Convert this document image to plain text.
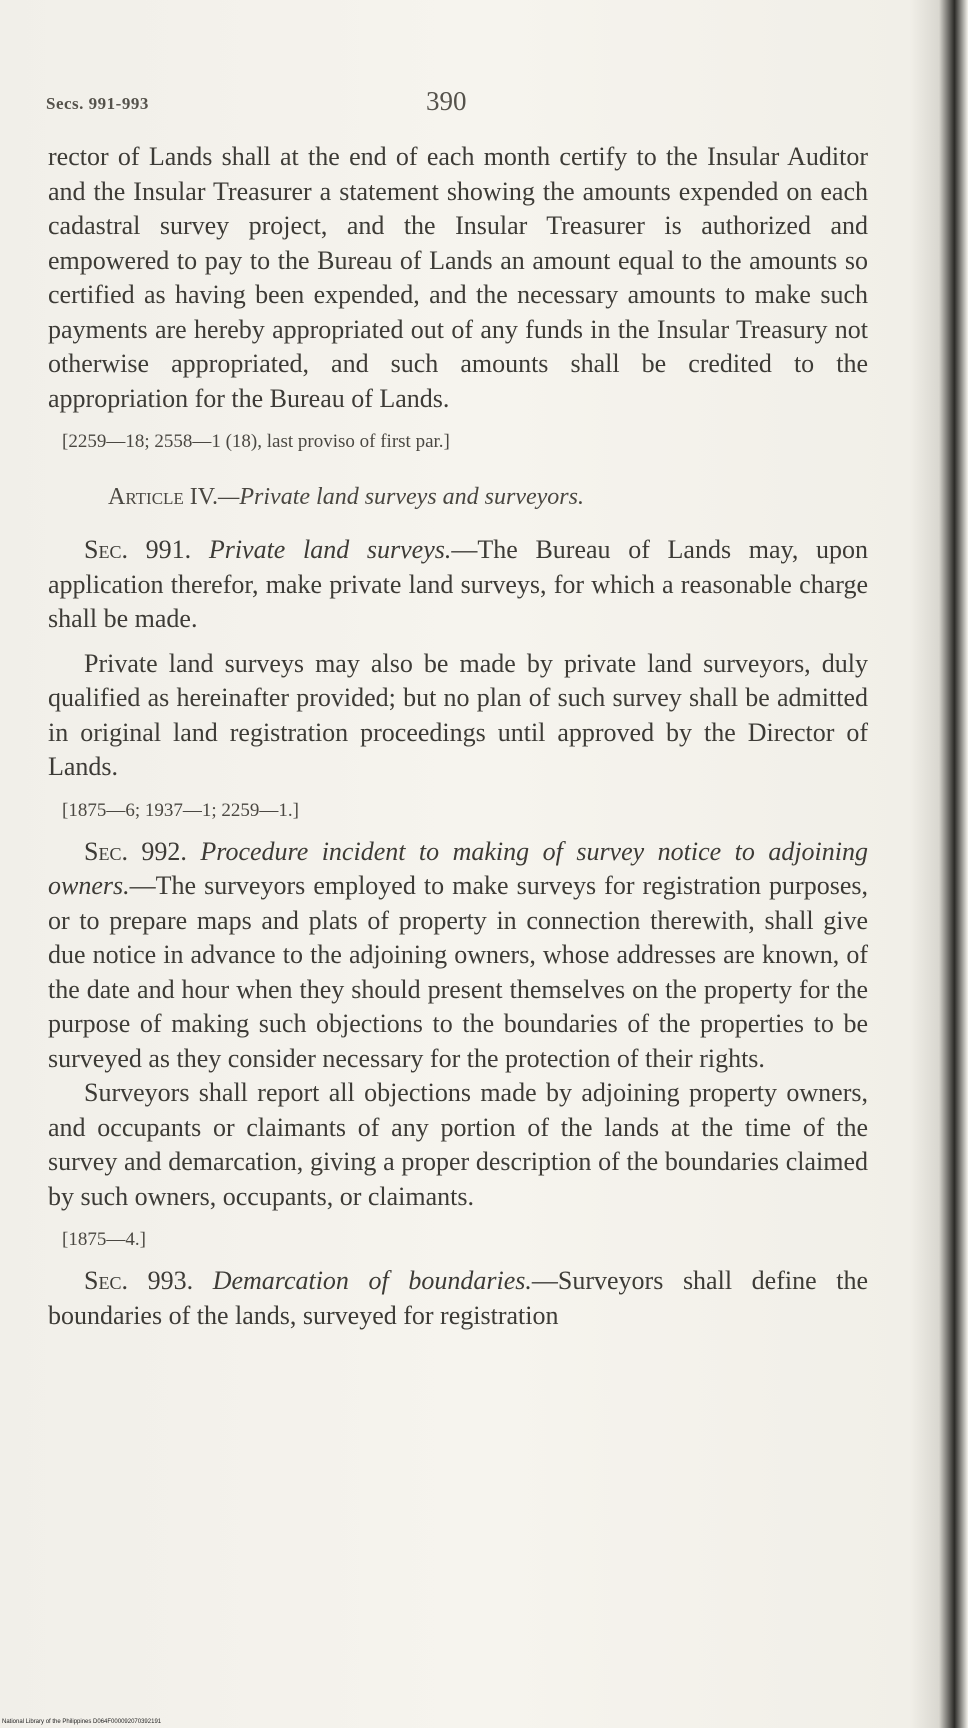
Secs. 991-993	390

rector of Lands shall at the end of each month certify to the Insular Auditor and the Insular Treasurer a statement showing the amounts expended on each cadastral survey project, and the Insular Treasurer is authorized and empowered to pay to the Bureau of Lands an amount equal to the amounts so certified as having been expended, and the necessary amounts to make such payments are hereby appropriated out of any funds in the Insular Treasury not otherwise appropriated, and such amounts shall be credited to the appropriation for the Bureau of Lands.

[2259—18; 2558—1 (18), last proviso of first par.]
Article IV.—Private land surveys and surveyors.

Sec. 991. Private land surveys.—The Bureau of Lands may, upon application therefor, make private land surveys, for which a reasonable charge shall be made.

Private land surveys may also be made by private land surveyors, duly qualified as hereinafter provided; but no plan of such survey shall be admitted in original land registration proceedings until approved by the Director of Lands.

[1875—6; 1937—1; 2259—1.]

Sec. 992. Procedure incident to making of survey notice to adjoining owners.—The surveyors employed to make surveys for registration purposes, or to prepare maps and plats of property in connection therewith, shall give due notice in advance to the adjoining owners, whose addresses are known, of the date and hour when they should present themselves on the property for the purpose of making such objections to the boundaries of the properties to be surveyed as they consider necessary for the protection of their rights.

Surveyors shall report all objections made by adjoining property owners, and occupants or claimants of any portion of the lands at the time of the survey and demarcation, giving a proper description of the boundaries claimed by such owners, occupants, or claimants.

[1875—4.]

Sec. 993. Demarcation of boundaries.—Surveyors shall define the boundaries of the lands, surveyed for registration

National Library of the Philippines D064F000092070392191
